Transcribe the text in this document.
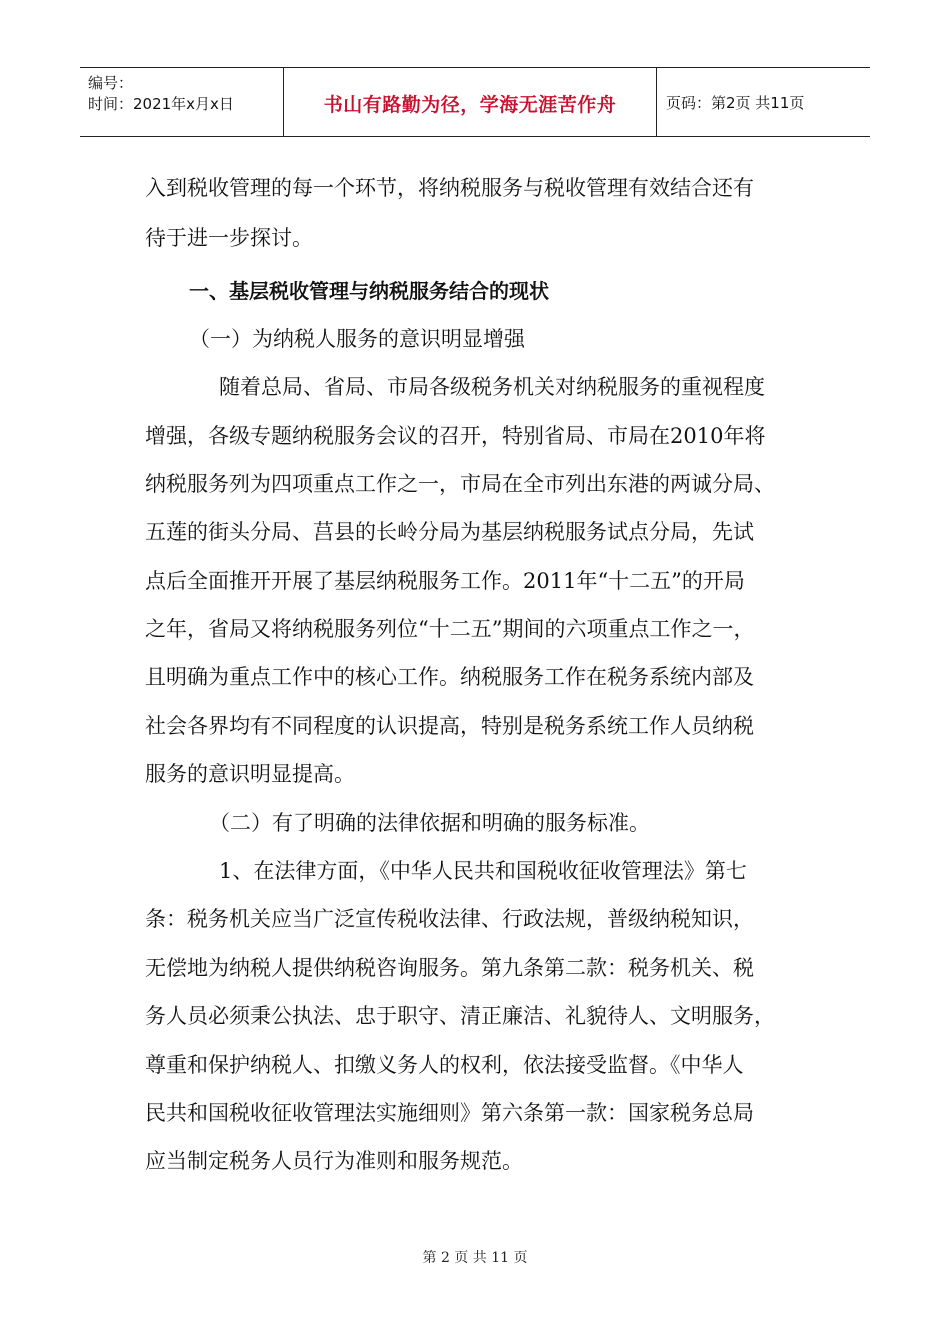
编号：
时间：2021年x月x日	书山有路勤为径，学海无涯苦作舟	页码：第2页 共11页
入到税收管理的每一个环节，将纳税服务与税收管理有效结合还有
待于进一步探讨。
一、基层税收管理与纳税服务结合的现状
（一）为纳税人服务的意识明显增强
随着总局、省局、市局各级税务机关对纳税服务的重视程度
增强，各级专题纳税服务会议的召开，特别省局、市局在2010年将
纳税服务列为四项重点工作之一，市局在全市列出东港的两诚分局、
五莲的街头分局、莒县的长岭分局为基层纳税服务试点分局，先试
点后全面推开开展了基层纳税服务工作。2011年“十二五”的开局
之年，省局又将纳税服务列位“十二五”期间的六项重点工作之一，
且明确为重点工作中的核心工作。纳税服务工作在税务系统内部及
社会各界均有不同程度的认识提高，特别是税务系统工作人员纳税
服务的意识明显提高。
（二）有了明确的法律依据和明确的服务标准。
1、在法律方面，《中华人民共和国税收征收管理法》第七
条：税务机关应当广泛宣传税收法律、行政法规，普级纳税知识，
无偿地为纳税人提供纳税咨询服务。第九条第二款：税务机关、税
务人员必须秉公执法、忠于职守、清正廉洁、礼貌待人、文明服务，
尊重和保护纳税人、扣缴义务人的权利，依法接受监督。《中华人
民共和国税收征收管理法实施细则》第六条第一款：国家税务总局
应当制定税务人员行为准则和服务规范。
第 2 页 共 11 页
